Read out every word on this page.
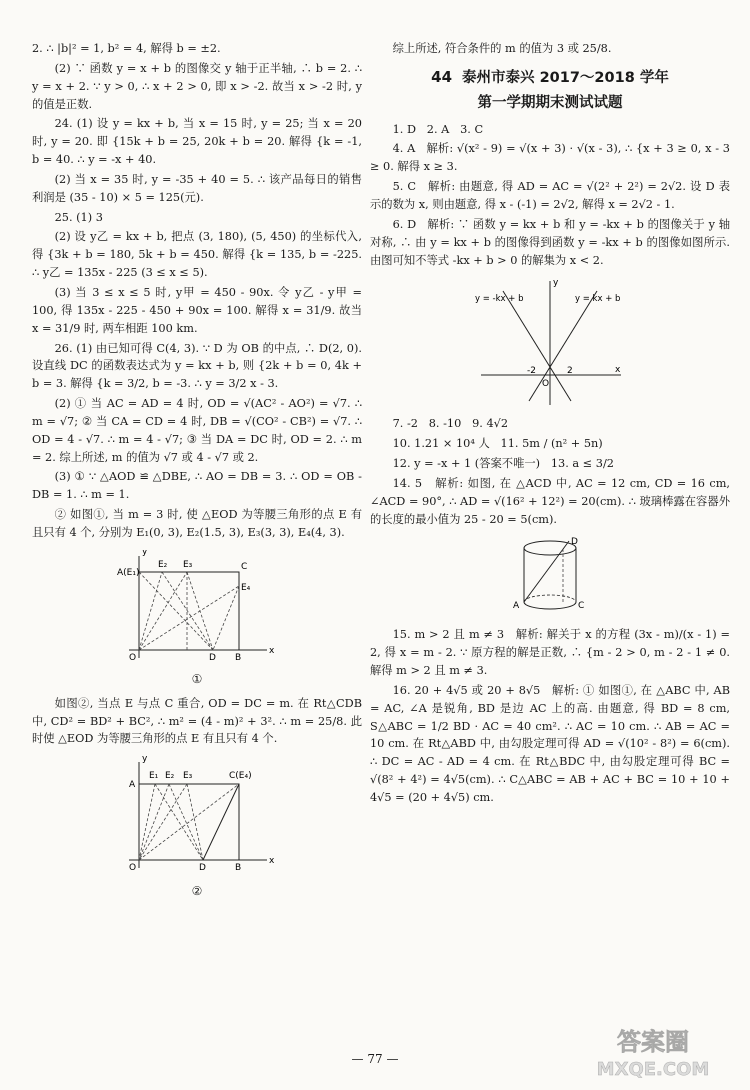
2. ∴ |b|² = 1, b² = 4, 解得 b = ±2.

(2) ∵ 函数 y = x + b 的图像交 y 轴于正半轴, ∴ b = 2. ∴ y = x + 2. ∵ y > 0, ∴ x + 2 > 0, 即 x > -2. 故当 x > -2 时, y 的值是正数.

24. (1) 设 y = kx + b, 当 x = 15 时, y = 25; 当 x = 20 时, y = 20. 即 {15k + b = 25, 20k + b = 20. 解得 {k = -1, b = 40. ∴ y = -x + 40.

(2) 当 x = 35 时, y = -35 + 40 = 5. ∴ 该产品每日的销售利润是 (35 - 10) × 5 = 125(元).

25. (1) 3

(2) 设 y乙 = kx + b, 把点 (3, 180), (5, 450) 的坐标代入, 得 {3k + b = 180, 5k + b = 450. 解得 {k = 135, b = -225. ∴ y乙 = 135x - 225 (3 ≤ x ≤ 5).

(3) 当 3 ≤ x ≤ 5 时, y甲 = 450 - 90x. 令 y乙 - y甲 = 100, 得 135x - 225 - 450 + 90x = 100. 解得 x = 31/9. 故当 x = 31/9 时, 两车相距 100 km.

26. (1) 由已知可得 C(4, 3). ∵ D 为 OB 的中点, ∴ D(2, 0). 设直线 DC 的函数表达式为 y = kx + b, 则 {2k + b = 0, 4k + b = 3. 解得 {k = 3/2, b = -3. ∴ y = 3/2 x - 3.

(2) ① 当 AC = AD = 4 时, OD = √(AC² - AO²) = √7. ∴ m = √7; ② 当 CA = CD = 4 时, DB = √(CO² - CB²) = √7. ∴ OD = 4 - √7. ∴ m = 4 - √7; ③ 当 DA = DC 时, OD = 2. ∴ m = 2. 综上所述, m 的值为 √7 或 4 - √7 或 2.

(3) ① ∵ △AOD ≌ △DBE, ∴ AO = DB = 3. ∴ OD = OB - DB = 1. ∴ m = 1.

② 如图①, 当 m = 3 时, 使 △EOD 为等腰三角形的点 E 有且只有 4 个, 分别为 E₁(0, 3), E₂(1.5, 3), E₃(3, 3), E₄(4, 3).

y
x
A(E₁)
E₂ E₃	C
E₄
O	D B

①

如图②, 当点 E 与点 C 重合, OD = DC = m. 在 Rt△CDB 中, CD² = BD² + BC², ∴ m² = (4 - m)² + 3². ∴ m = 25/8. 此时使 △EOD 为等腰三角形的点 E 有且只有 4 个.

y
x
A
E₁ E₂ E₃	C(E₄)
O	D	B

②

综上所述, 符合条件的 m 的值为 3 或 25/8.

44 泰州市泰兴 2017～2018 学年
第一学期期末测试试题

1. D   2. A   3. C

4. A   解析: √(x² - 9) = √(x + 3) · √(x - 3), ∴ {x + 3 ≥ 0, x - 3 ≥ 0. 解得 x ≥ 3.

5. C   解析: 由题意, 得 AD = AC = √(2² + 2²) = 2√2. 设 D 表示的数为 x, 则由题意, 得 x - (-1) = 2√2, 解得 x = 2√2 - 1.

6. D   解析: ∵ 函数 y = kx + b 和 y = -kx + b 的图像关于 y 轴对称, ∴ 由 y = kx + b 的图像得到函数 y = -kx + b 的图像如图所示. 由图可知不等式 -kx + b > 0 的解集为 x < 2.

y
x
y = -kx + b	y = kx + b
-2
O
2

7. -2   8. -10   9. 4√2

10. 1.21 × 10⁴ 人   11. 5m / (n² + 5n)

12. y = -x + 1 (答案不唯一)   13. a ≤ 3/2

14. 5   解析: 如图, 在 △ACD 中, AC = 12 cm, CD = 16 cm, ∠ACD = 90°, ∴ AD = √(16² + 12²) = 20(cm). ∴ 玻璃棒露在容器外的长度的最小值为 25 - 20 = 5(cm).

D
A	C

15. m > 2 且 m ≠ 3   解析: 解关于 x 的方程 (3x - m)/(x - 1) = 2, 得 x = m - 2. ∵ 原方程的解是正数, ∴ {m - 2 > 0, m - 2 - 1 ≠ 0. 解得 m > 2 且 m ≠ 3.

16. 20 + 4√5 或 20 + 8√5   解析: ① 如图①, 在 △ABC 中, AB = AC, ∠A 是锐角, BD 是边 AC 上的高. 由题意, 得 BD = 8 cm, S△ABC = 1/2 BD · AC = 40 cm². ∴ AC = 10 cm. ∴ AB = AC = 10 cm. 在 Rt△ABD 中, 由勾股定理可得 AD = √(10² - 8²) = 6(cm). ∴ DC = AC - AD = 4 cm. 在 Rt△BDC 中, 由勾股定理可得 BC = √(8² + 4²) = 4√5(cm). ∴ C△ABC = AB + AC + BC = 10 + 10 + 4√5 = (20 + 4√5) cm.

— 77 —
答案圈
MXQE.COM
